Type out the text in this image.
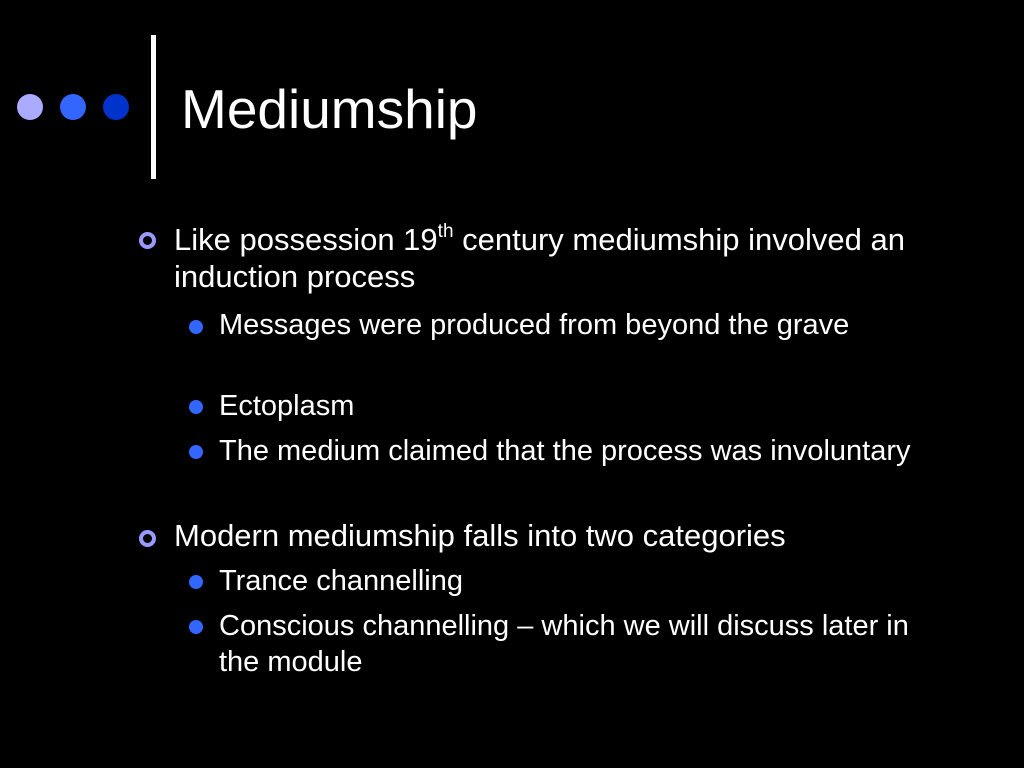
Mediumship
Like possession 19th century mediumship involved an induction process
Messages were produced from beyond the grave
Ectoplasm
The medium claimed that the process was involuntary
Modern mediumship falls into two categories
Trance channelling
Conscious channelling – which we will discuss later in the module
